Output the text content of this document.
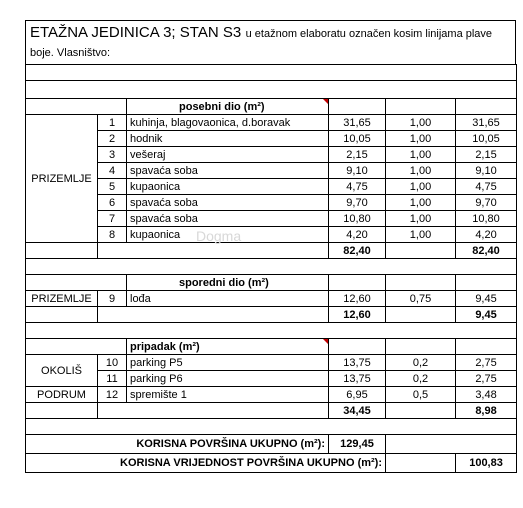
ETAŽNA JEDINICA 3; STAN S3 u etažnom elaboratu označen kosim linijama plave
boje. Vlasništvo:

		posebni dio (m²)			
PRIZEMLJE	1	kuhinja, blagovaonica, d.boravak	31,65	1,00	31,65
	2	hodnik	10,05	1,00	10,05
	3	vešeraj	2,15	1,00	2,15
	4	spavaća soba	9,10	1,00	9,10
	5	kupaonica	4,75	1,00	4,75
	6	spavaća soba	9,70	1,00	9,70
	7	spavaća soba	10,80	1,00	10,80
	8	kupaonica	4,20	1,00	4,20
			82,40		82,40

		sporedni dio (m²)			
PRIZEMLJE	9	lođa	12,60	0,75	9,45
			12,60		9,45

		pripadak (m²)			
OKOLIŠ	10	parking P5	13,75	0,2	2,75
	11	parking P6	13,75	0,2	2,75
PODRUM	12	spremište 1	6,95	0,5	3,48
			34,45		8,98

KORISNA POVRŠINA UKUPNO (m²):			129,45		
KORISNA VRIJEDNOST POVRŠINA UKUPNO (m²):					100,83
Dogma
